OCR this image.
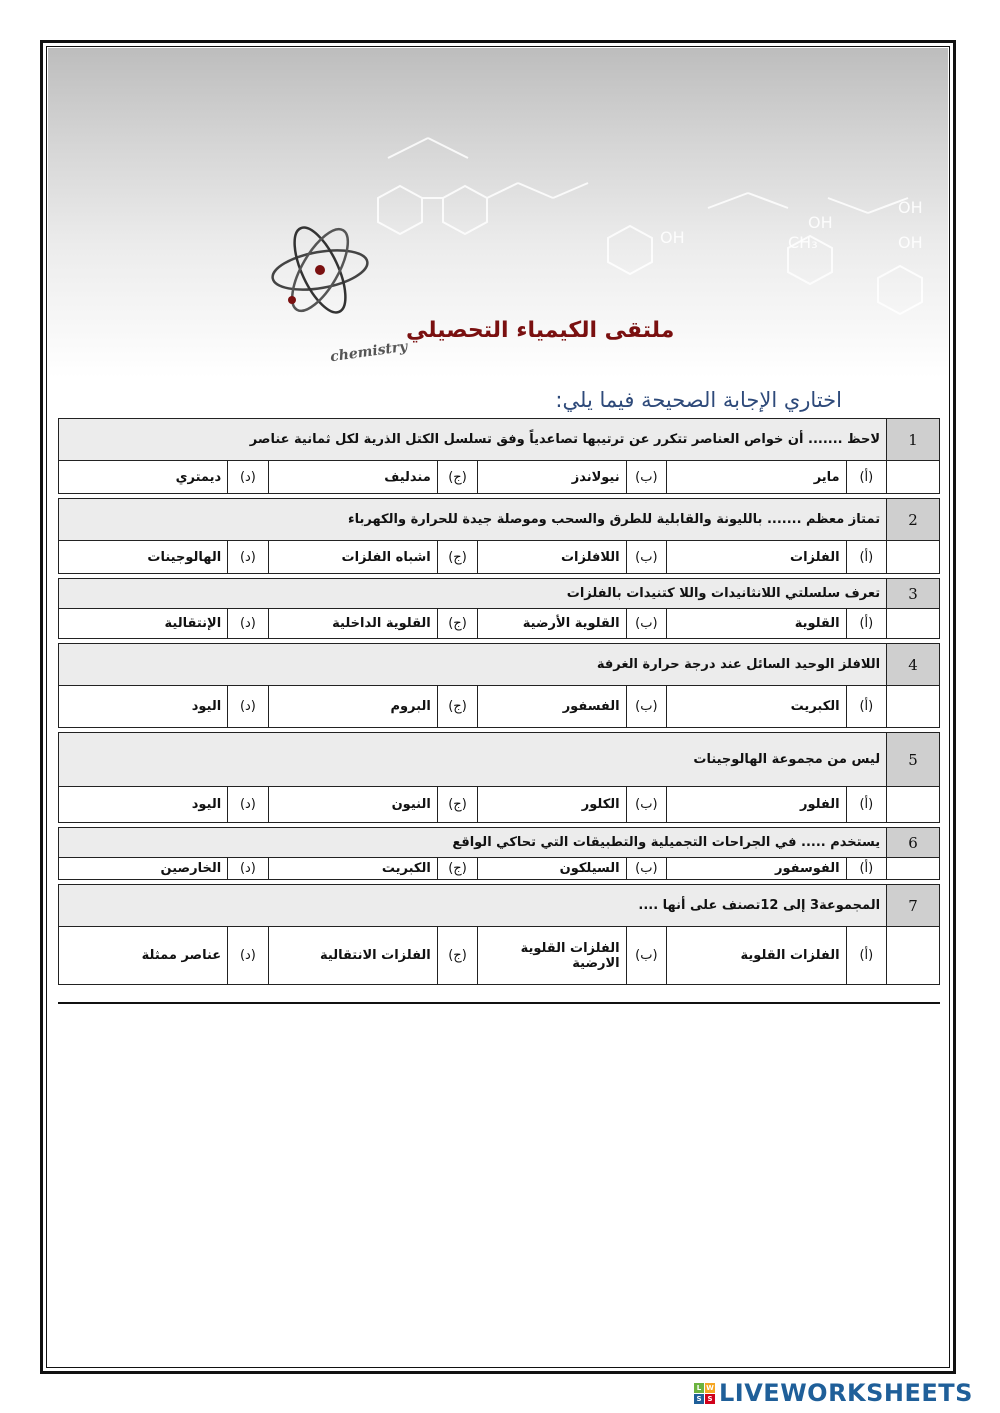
OH
OH
OH
OH
CH₃
ملتقى الكيمياء التحصيلي
chemistry
اختاري الإجابة الصحيحة فيما يلي:
1	لاحظ ....... أن خواص العناصر تتكرر عن ترتيبها تصاعدياً وفق تسلسل الكتل الذرية لكل ثمانية عناصر							
	(أ)	ماير	(ب)	نيولاندز	(ج)	مندليف	(د)	ديمتري

2	تمتاز معظم ....... باللیونة والقابلية للطرق والسحب وموصلة جيدة للحرارة والكهرباء							
	(أ)	الفلزات	(ب)	اللافلزات	(ج)	اشباه الفلزات	(د)	الهالوجينات

3	تعرف سلسلتي اللانثانيدات واللا كتنيدات بالفلزات							
	(أ)	القلوية	(ب)	القلوية الأرضية	(ج)	القلوية الداخلية	(د)	الإنتقالية

4	اللافلز الوحيد السائل عند درجة حرارة الغرفة							
	(أ)	الكبريت	(ب)	الفسفور	(ج)	البروم	(د)	اليود

5	ليس من مجموعة الهالوجينات							
	(أ)	الفلور	(ب)	الكلور	(ج)	النيون	(د)	اليود

6	يستخدم ..... في الجراحات التجميلية والتطبيقات التي تحاكي الواقع							
	(أ)	الفوسفور	(ب)	السيلكون	(ج)	الكبريت	(د)	الخارصين

7	المجموعة3 إلى 12تصنف على أنها ....							
	(أ)	الفلزات القلوية	(ب)	الفلزات القلوية الارضية	(ج)	الفلزات الانتقالية	(د)	عناصر ممثلة
L W
S S LIVEWORKSHEETS
